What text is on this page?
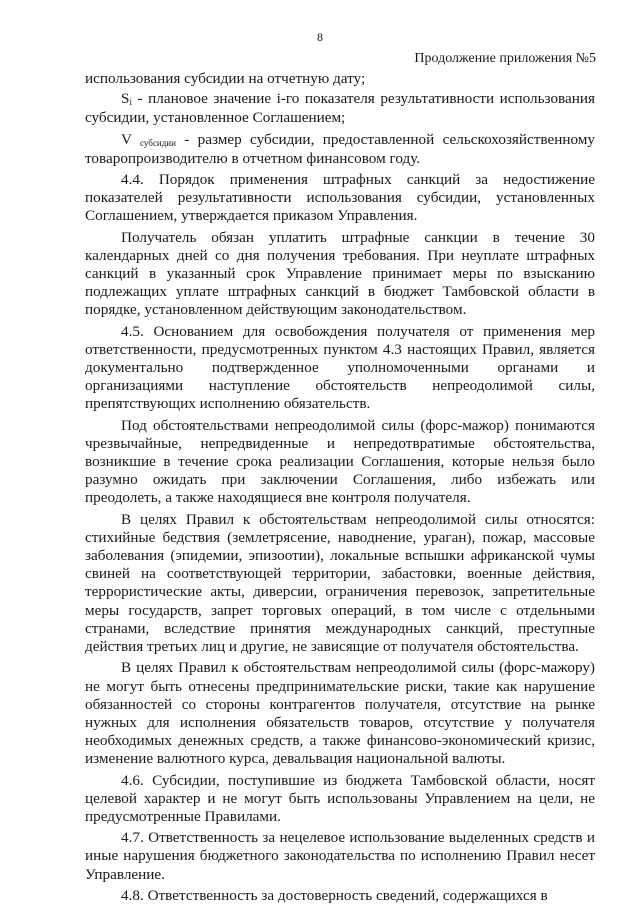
8
Продолжение приложения №5

использования субсидии на отчетную дату;

Si - плановое значение i-го показателя результативности использования субсидии, установленное Соглашением;

V субсидии - размер субсидии, предоставленной сельскохозяйственному товаропроизводителю в отчетном финансовом году.

4.4. Порядок применения штрафных санкций за недостижение показателей результативности использования субсидии, установленных Соглашением, утверждается приказом Управления.

Получатель обязан уплатить штрафные санкции в течение 30 календарных дней со дня получения требования. При неуплате штрафных санкций в указанный срок Управление принимает меры по взысканию подлежащих уплате штрафных санкций в бюджет Тамбовской области в порядке, установленном действующим законодательством.

4.5. Основанием для освобождения получателя от применения мер ответственности, предусмотренных пунктом 4.3 настоящих Правил, является документально подтвержденное уполномоченными органами и организациями наступление обстоятельств непреодолимой силы, препятствующих исполнению обязательств.

Под обстоятельствами непреодолимой силы (форс-мажор) понимаются чрезвычайные, непредвиденные и непредотвратимые обстоятельства, возникшие в течение срока реализации Соглашения, которые нельзя было разумно ожидать при заключении Соглашения, либо избежать или преодолеть, а также находящиеся вне контроля получателя.

В целях Правил к обстоятельствам непреодолимой силы относятся: стихийные бедствия (землетрясение, наводнение, ураган), пожар, массовые заболевания (эпидемии, эпизоотии), локальные вспышки африканской чумы свиней на соответствующей территории, забастовки, военные действия, террористические акты, диверсии, ограничения перевозок, запретительные меры государств, запрет торговых операций, в том числе с отдельными странами, вследствие принятия международных санкций, преступные действия третьих лиц и другие, не зависящие от получателя обстоятельства.

В целях Правил к обстоятельствам непреодолимой силы (форс-мажору) не могут быть отнесены предпринимательские риски, такие как нарушение обязанностей со стороны контрагентов получателя, отсутствие на рынке нужных для исполнения обязательств товаров, отсутствие у получателя необходимых денежных средств, а также финансово-экономический кризис, изменение валютного курса, девальвация национальной валюты.

4.6. Субсидии, поступившие из бюджета Тамбовской области, носят целевой характер и не могут быть использованы Управлением на цели, не предусмотренные Правилами.

4.7. Ответственность за нецелевое использование выделенных средств и иные нарушения бюджетного законодательства по исполнению Правил несет Управление.

4.8. Ответственность за достоверность сведений, содержащихся в
